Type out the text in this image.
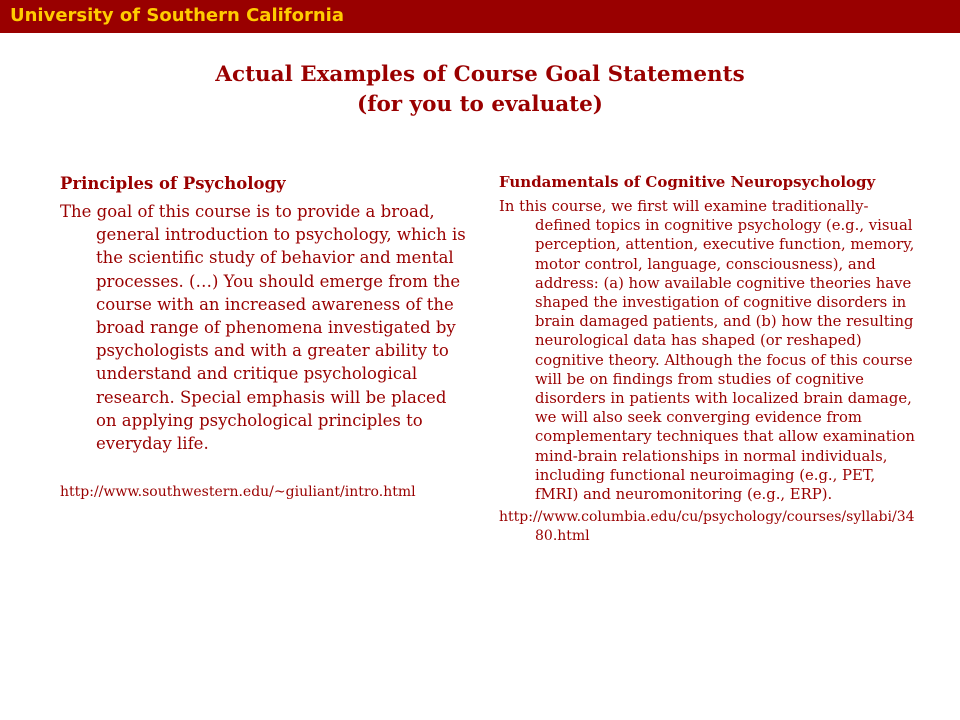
University of Southern California
Actual Examples of Course Goal Statements
(for you to evaluate)
Principles of Psychology
The goal of this course is to provide a broad, general introduction to psychology, which is the scientific study of behavior and mental processes. (…) You should emerge from the course with an increased awareness of the broad range of phenomena investigated by psychologists and with a greater ability to understand and critique psychological research. Special emphasis will be placed on applying psychological principles to everyday life.
http://www.southwestern.edu/~giuliant/intro.html
Fundamentals of Cognitive Neuropsychology
In this course, we first will examine traditionally-defined topics in cognitive psychology (e.g., visual perception, attention, executive function, memory, motor control, language, consciousness), and address: (a) how available cognitive theories have shaped the investigation of cognitive disorders in brain damaged patients, and (b) how the resulting neurological data has shaped (or reshaped) cognitive theory. Although the focus of this course will be on findings from studies of cognitive disorders in patients with localized brain damage, we will also seek converging evidence from complementary techniques that allow examination mind-brain relationships in normal individuals, including functional neuroimaging (e.g., PET, fMRI) and neuromonitoring (e.g., ERP).
http://www.columbia.edu/cu/psychology/courses/syllabi/3480.html
